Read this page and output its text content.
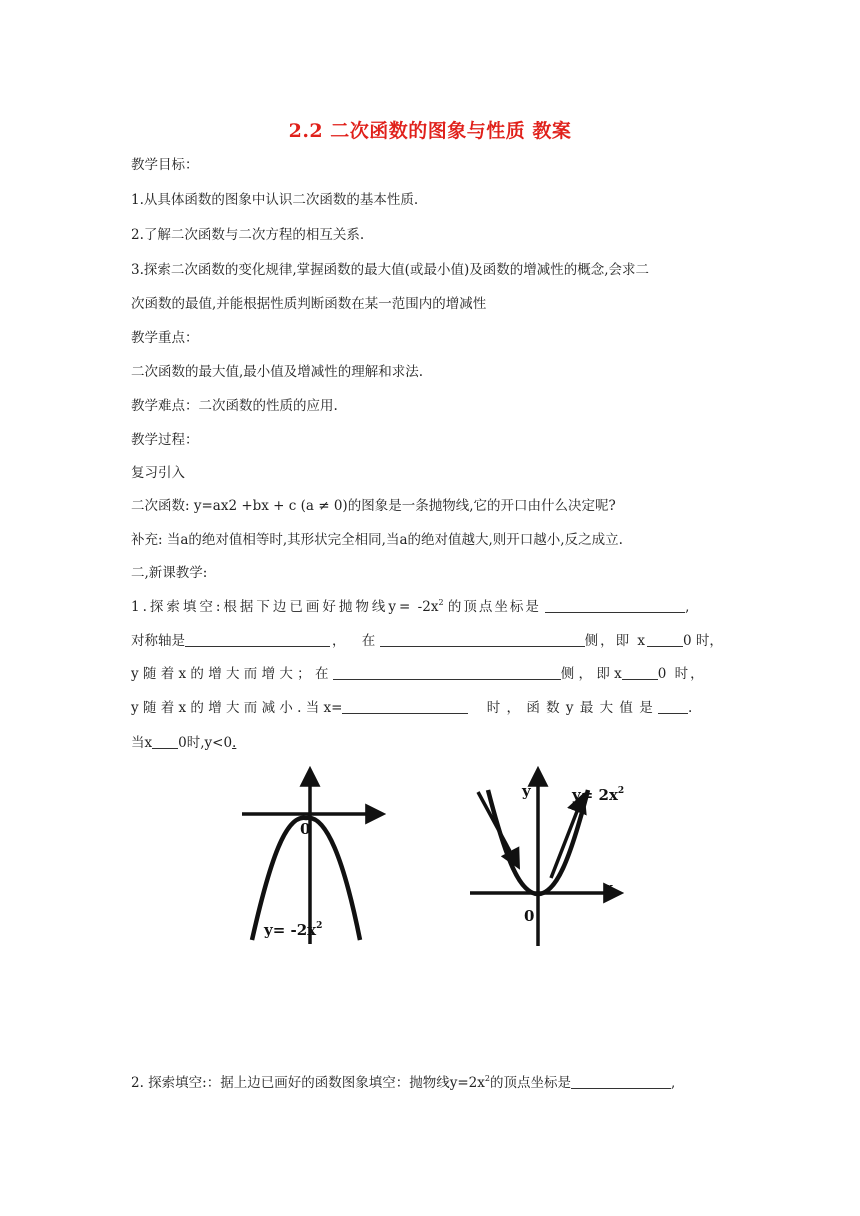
2.2 二次函数的图象与性质 教案
教学目标：
1.从具体函数的图象中认识二次函数的基本性质.
2.了解二次函数与二次方程的相互关系.
3.探索二次函数的变化规律,掌握函数的最大值(或最小值)及函数的增减性的概念,会求二
次函数的最值,并能根据性质判断函数在某一范围内的增减性
教学重点：
二次函数的最大值,最小值及增减性的理解和求法.
教学难点：二次函数的性质的应用.
教学过程：
复习引入
二次函数: y=ax2 +bx + c (a ≠ 0)的图象是一条抛物线,它的开口由什么决定呢?
补充: 当a的绝对值相等时,其形状完全相同,当a的绝对值越大,则开口越小,反之成立.
二,新课教学:
1.探索填空:根据下边已画好抛物线$y= -2x^2$ 的顶点坐标是	,
对称轴是	， 在	侧，即 x	0 时，
y 随 着 x 的 增 大 而 增 大 ； 在	侧 ， 即 x	0 时，
y 随 着 x 的 增 大 而 减 小 . 当 x=	时 ， 函 数 y 最 大 值 是	.
当x 0时,y<0.
0
$y= -2x^2$
y
x
0
$y= 2x^2$
2. 探索填空:：据上边已画好的函数图象填空：抛物线$y=2x^2$的顶点坐标是	,
